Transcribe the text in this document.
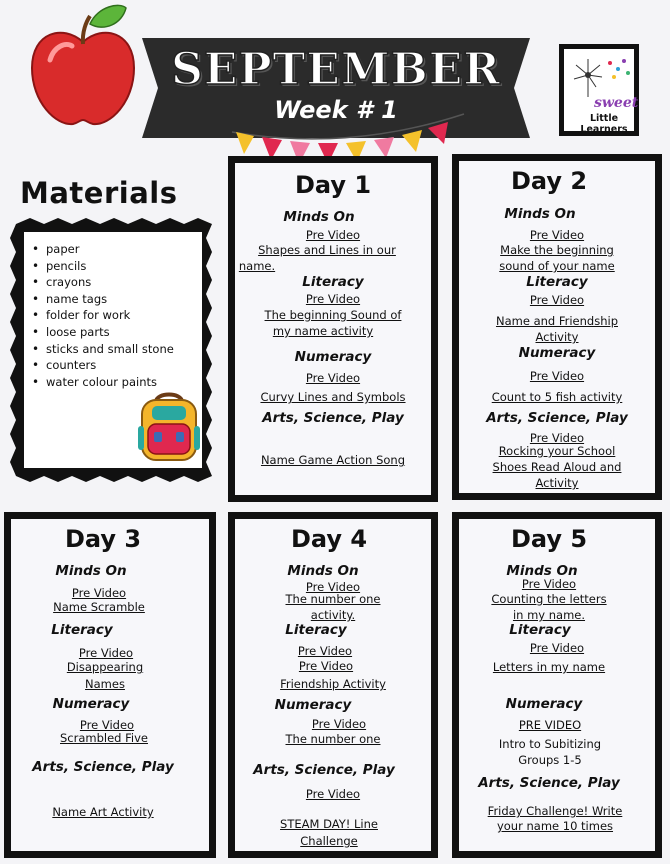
SEPTEMBER
Week # 1	sweet
Little Learners
Materials
• paper
• pencils
• crayons
• name tags
• folder for work
• loose parts
• sticks and small stone
• counters
• water colour paints
Day 1
Minds On
Pre Video
Shapes and Lines in our
name.
Literacy
Pre Video
The beginning Sound of
my name activity
Numeracy
Pre Video
Curvy Lines and Symbols
Arts, Science, Play
Name Game Action Song
Day 2
Minds On
Pre Video
Make the beginning
sound of your name
Literacy
Pre Video
Name and Friendship
Activity
Numeracy
Pre Video
Count to 5 fish activity
Arts, Science, Play
Pre Video
Rocking your School
Shoes Read Aloud and
Activity
Day 3
Minds On
Pre Video
Name Scramble
Literacy
Pre Video
Disappearing
Names
Numeracy
Pre Video
Scrambled Five
Arts, Science, Play
Name Art Activity
Day 4
Minds On
Pre Video
The number one
activity.
Literacy
Pre Video
Pre Video
Friendship Activity
Numeracy
Pre Video
The number one
Arts, Science, Play
Pre Video
STEAM DAY! Line
Challenge
Day 5
Minds On
Pre Video
Counting the letters
in my name.
Literacy
Pre Video
Letters in my name
Numeracy
PRE VIDEO
Intro to Subitizing
Groups 1-5
Arts, Science, Play
Friday Challenge! Write
your name 10 times
